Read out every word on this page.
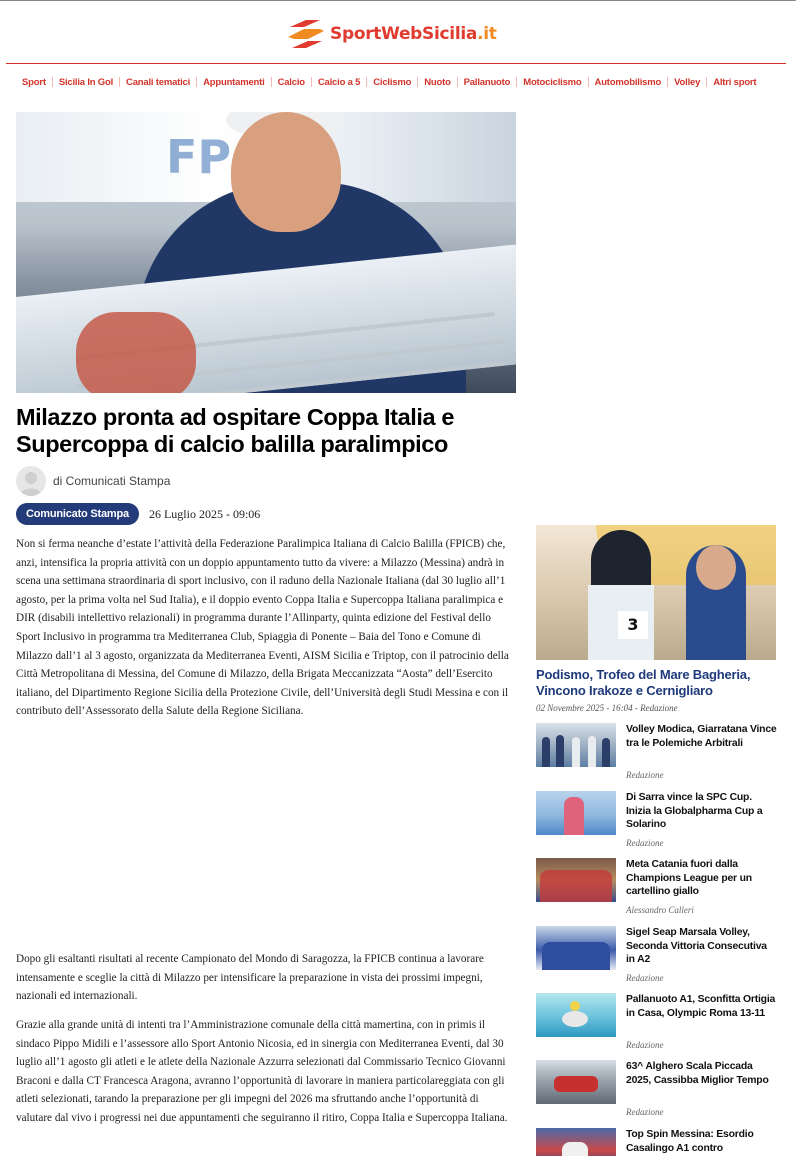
SportWebSicilia.it
Sport	Sicilia In Gol	Canali tematici	Appuntamenti	Calcio	Calcio a 5	Ciclismo	Nuoto	Pallanuoto	Motociclismo	Automobilismo	Volley	Altri sport
FP
Milazzo pronta ad ospitare Coppa Italia e Supercoppa di calcio balilla paralimpico
di Comunicati Stampa
Comunicato Stampa	26 Luglio 2025 - 09:06

Non si ferma neanche d’estate l’attività della Federazione Paralimpica Italiana di Calcio Balilla (FPICB) che, anzi, intensifica la propria attività con un doppio appuntamento tutto da vivere: a Milazzo (Messina) andrà in scena una settimana straordinaria di sport inclusivo, con il raduno della Nazionale Italiana (dal 30 luglio all’1 agosto, per la prima volta nel Sud Italia), e il doppio evento Coppa Italia e Supercoppa Italiana paralimpica e DIR (disabili intellettivo relazionali) in programma durante l’Allinparty, quinta edizione del Festival dello Sport Inclusivo in programma tra Mediterranea Club, Spiaggia di Ponente – Baia del Tono e Comune di Milazzo dall’1 al 3 agosto, organizzata da Mediterranea Eventi, AISM Sicilia e Triptop, con il patrocinio della Città Metropolitana di Messina, del Comune di Milazzo, della Brigata Meccanizzata “Aosta” dell’Esercito italiano, del Dipartimento Regione Sicilia della Protezione Civile, dell’Università degli Studi Messina e con il contributo dell’Assessorato della Salute della Regione Siciliana.

Dopo gli esaltanti risultati al recente Campionato del Mondo di Saragozza, la FPICB continua a lavorare intensamente e sceglie la città di Milazzo per intensificare la preparazione in vista dei prossimi impegni, nazionali ed internazionali.

Grazie alla grande unità di intenti tra l’Amministrazione comunale della città mamertina, con in primis il sindaco Pippo Midili e l’assessore allo Sport Antonio Nicosia, ed in sinergia con Mediterranea Eventi, dal 30 luglio all’1 agosto gli atleti e le atlete della Nazionale Azzurra selezionati dal Commissario Tecnico Giovanni Braconi e dalla CT Francesca Aragona, avranno l’opportunità di lavorare in maniera particolareggiata con gli atleti selezionati, tarando la preparazione per gli impegni del 2026 ma sfruttando anche l’opportunità di valutare dal vivo i progressi nei due appuntamenti che seguiranno il ritiro, Coppa Italia e Supercoppa Italiana.

3
Podismo, Trofeo del Mare Bagheria, Vincono Irakoze e Cernigliaro
02 Novembre 2025 - 16:04 - Redazione
Volley Modica, Giarratana Vince tra le Polemiche Arbitrali
Redazione
Di Sarra vince la SPC Cup. Inizia la Globalpharma Cup a Solarino
Redazione
Meta Catania fuori dalla Champions League per un cartellino giallo
Alessandro Calleri
Sigel Seap Marsala Volley, Seconda Vittoria Consecutiva in A2
Redazione
Pallanuoto A1, Sconfitta Ortigia in Casa, Olympic Roma 13-11
Redazione
63^ Alghero Scala Piccada 2025, Cassibba Miglior Tempo
Redazione
Top Spin Messina: Esordio Casalingo A1 contro
